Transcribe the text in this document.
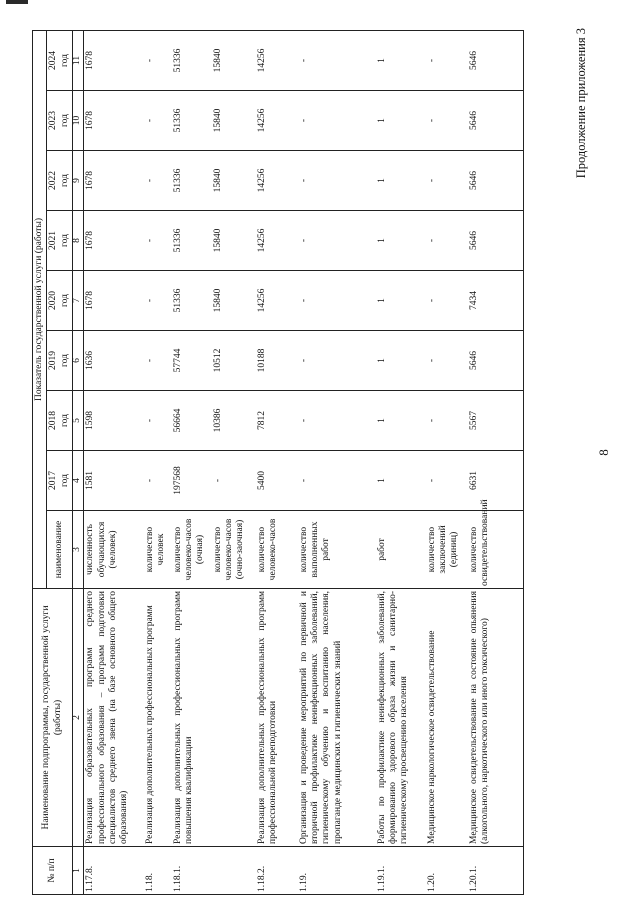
8
Продолжение приложения 3
№ п/п	Наименование подпрограммы, государственной услуги (работы)	Показатель государственной услуги (работы)								
		наименование	2017 год	2018 год	2019 год	2020 год	2021 год	2022 год	2023 год	2024 год

1	2	3	4	5	6	7	8	9	10	11
1.17.8.	Реализация образовательных программ среднего профессионального образования – программ подготовки специалистов среднего звена (на базе основного общего образования)	численность обучающихся (человек)	1581	1598	1636	1678	1678	1678	1678	1678
1.18.	Реализация дополнительных профессиональных программ	количество человек	-	-	-	-	-	-	-	-
1.18.1.	Реализация дополнительных профессиональных программ повышения квалификации	количество человеко-часов (очная)	197568	56664	57744	51336	51336	51336	51336	51336
		количество человеко-часов (очно-заочная)	-	10386	10512	15840	15840	15840	15840	15840
1.18.2.	Реализация дополнительных профессиональных программ профессиональной переподготовки	количество человеко-часов	5400	7812	10188	14256	14256	14256	14256	14256
1.19.	Организация и проведение мероприятий по первичной и вторичной профилактике неинфекционных заболеваний, гигиеническому обучению и воспитанию населения, пропаганде медицинских и гигиенических знаний	количество выполненных работ	-	-	-	-	-	-	-	-
1.19.1.	Работы по профилактике неинфекционных заболеваний, формированию здорового образа жизни и санитарно-гигиеническому просвещению населения	работ	1	1	1	1	1	1	1	1
1.20.	Медицинское наркологическое освидетельствование	количество заключений (единиц)	-	-	-	-	-	-	-	-
1.20.1.	Медицинское освидетельствование на состояние опьянения (алкогольного, наркотического или иного токсического)	количество освидетельствований	6631	5567	5646	7434	5646	5646	5646	5646
